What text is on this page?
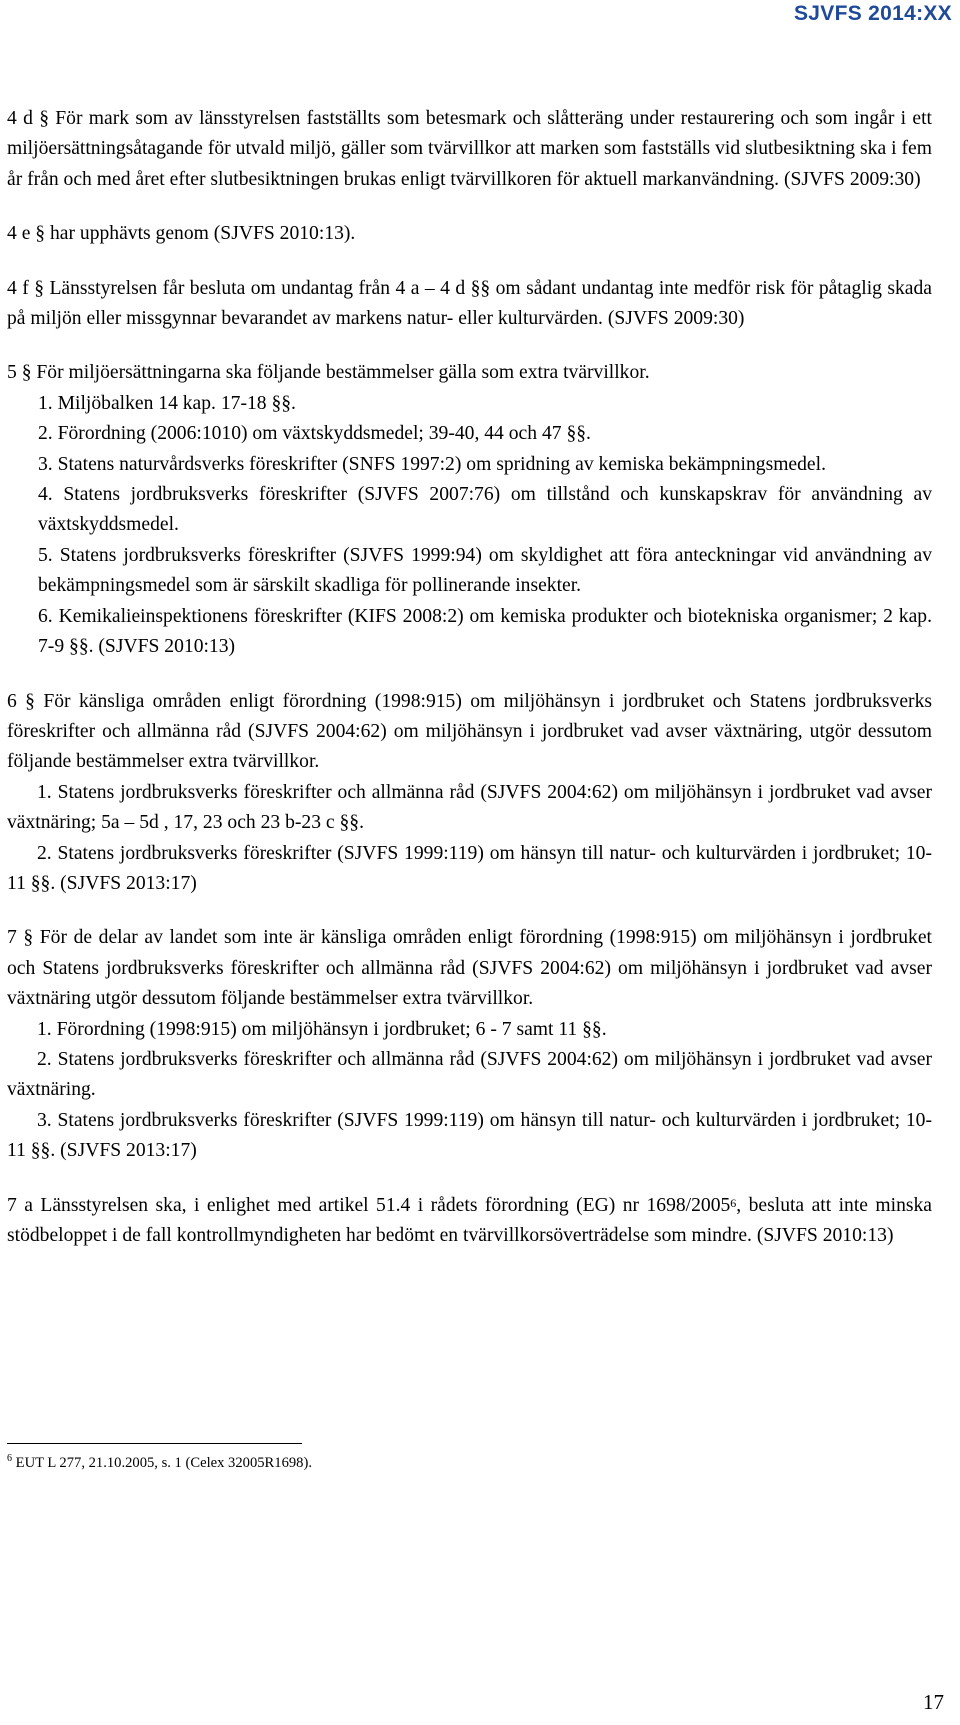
SJVFS 2014:XX

4 d § För mark som av länsstyrelsen fastställts som betesmark och slåtteräng under restaurering och som ingår i ett miljöersättningsåtagande för utvald miljö, gäller som tvärvillkor att marken som fastställs vid slutbesiktning ska i fem år från och med året efter slutbesiktningen brukas enligt tvärvillkoren för aktuell markanvändning. (SJVFS 2009:30)

4 e § har upphävts genom (SJVFS 2010:13).

4 f § Länsstyrelsen får besluta om undantag från 4 a – 4 d §§ om sådant undantag inte medför risk för påtaglig skada på miljön eller missgynnar bevarandet av markens natur- eller kulturvärden. (SJVFS 2009:30)

5 § För miljöersättningarna ska följande bestämmelser gälla som extra tvärvillkor.

1. Miljöbalken 14 kap. 17-18 §§.

2. Förordning (2006:1010) om växtskyddsmedel; 39-40, 44 och 47 §§.

3. Statens naturvårdsverks föreskrifter (SNFS 1997:2) om spridning av kemiska bekämpningsmedel.

4. Statens jordbruksverks föreskrifter (SJVFS 2007:76) om tillstånd och kunskapskrav för användning av växtskyddsmedel.

5. Statens jordbruksverks föreskrifter (SJVFS 1999:94) om skyldighet att föra anteckningar vid användning av bekämpningsmedel som är särskilt skadliga för pollinerande insekter.

6. Kemikalieinspektionens föreskrifter (KIFS 2008:2) om kemiska produkter och biotekniska organismer; 2 kap. 7-9 §§. (SJVFS 2010:13)

6 § För känsliga områden enligt förordning (1998:915) om miljöhänsyn i jordbruket och Statens jordbruksverks föreskrifter och allmänna råd (SJVFS 2004:62) om miljöhänsyn i jordbruket vad avser växtnäring, utgör dessutom följande bestämmelser extra tvärvillkor.

1. Statens jordbruksverks föreskrifter och allmänna råd (SJVFS 2004:62) om miljöhänsyn i jordbruket vad avser växtnäring; 5a – 5d , 17, 23 och 23 b-23 c §§.

2. Statens jordbruksverks föreskrifter (SJVFS 1999:119) om hänsyn till natur- och kulturvärden i jordbruket; 10-11 §§. (SJVFS 2013:17)

7 § För de delar av landet som inte är känsliga områden enligt förordning (1998:915) om miljöhänsyn i jordbruket och Statens jordbruksverks föreskrifter och allmänna råd (SJVFS 2004:62) om miljöhänsyn i jordbruket vad avser växtnäring utgör dessutom följande bestämmelser extra tvärvillkor.

1. Förordning (1998:915) om miljöhänsyn i jordbruket; 6 - 7 samt 11 §§.

2. Statens jordbruksverks föreskrifter och allmänna råd (SJVFS 2004:62) om miljöhänsyn i jordbruket vad avser växtnäring.

3. Statens jordbruksverks föreskrifter (SJVFS 1999:119) om hänsyn till natur- och kulturvärden i jordbruket; 10-11 §§. (SJVFS 2013:17)

7 a Länsstyrelsen ska, i enlighet med artikel 51.4 i rådets förordning (EG) nr 1698/2005$^6$, besluta att inte minska stödbeloppet i de fall kontrollmyndigheten har bedömt en tvärvillkorsöverträdelse som mindre. (SJVFS 2010:13)

$^6$ EUT L 277, 21.10.2005, s. 1 (Celex 32005R1698).
17
